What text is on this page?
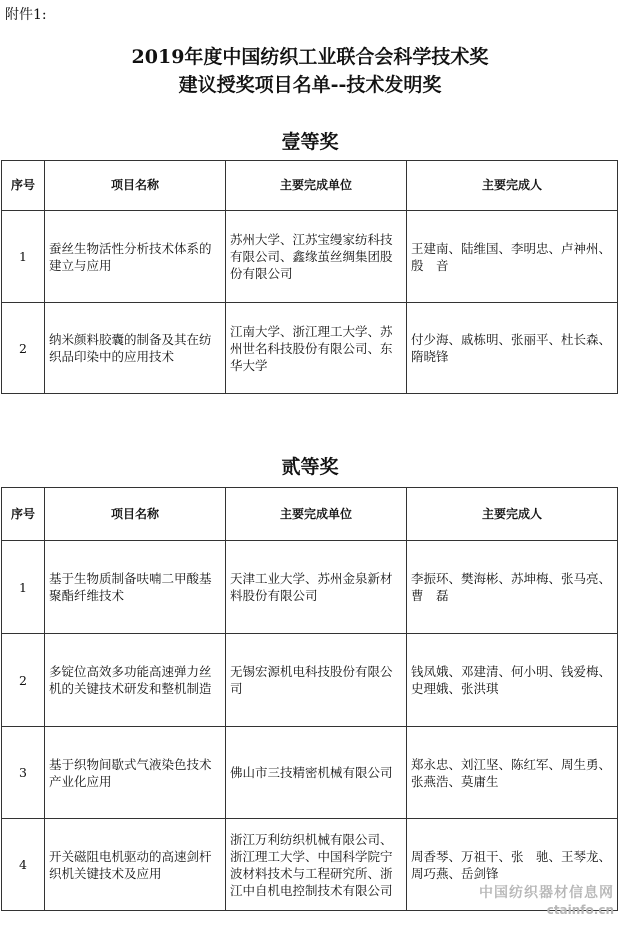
附件1:
2019年度中国纺织工业联合会科学技术奖
建议授奖项目名单--技术发明奖
壹等奖
序号	项目名称	主要完成单位	主要完成人
1	蚕丝生物活性分析技术体系的建立与应用	苏州大学、江苏宝缦家纺科技有限公司、鑫缘茧丝绸集团股份有限公司	王建南、陆维国、李明忠、卢神州、殷　音
2	纳米颜料胶囊的制备及其在纺织品印染中的应用技术	江南大学、浙江理工大学、苏州世名科技股份有限公司、东华大学	付少海、戚栋明、张丽平、杜长森、隋晓锋
贰等奖
序号	项目名称	主要完成单位	主要完成人
1	基于生物质制备呋喃二甲酸基聚酯纤维技术	天津工业大学、苏州金泉新材料股份有限公司	李振环、樊海彬、苏坤梅、张马亮、曹　磊
2	多锭位高效多功能高速弹力丝机的关键技术研发和整机制造	无锡宏源机电科技股份有限公司	钱凤娥、邓建清、何小明、钱爱梅、史理娥、张洪琪
3	基于织物间歇式气液染色技术产业化应用	佛山市三技精密机械有限公司	郑永忠、刘江坚、陈红军、周生勇、张燕浩、莫庸生
4	开关磁阻电机驱动的高速剑杆织机关键技术及应用	浙江万利纺织机械有限公司、浙江理工大学、中国科学院宁波材料技术与工程研究所、浙江中自机电控制技术有限公司	周香琴、万祖干、张　驰、王琴龙、周巧燕、岳剑锋
中国纺织器材信息网
ctainfo.cn
